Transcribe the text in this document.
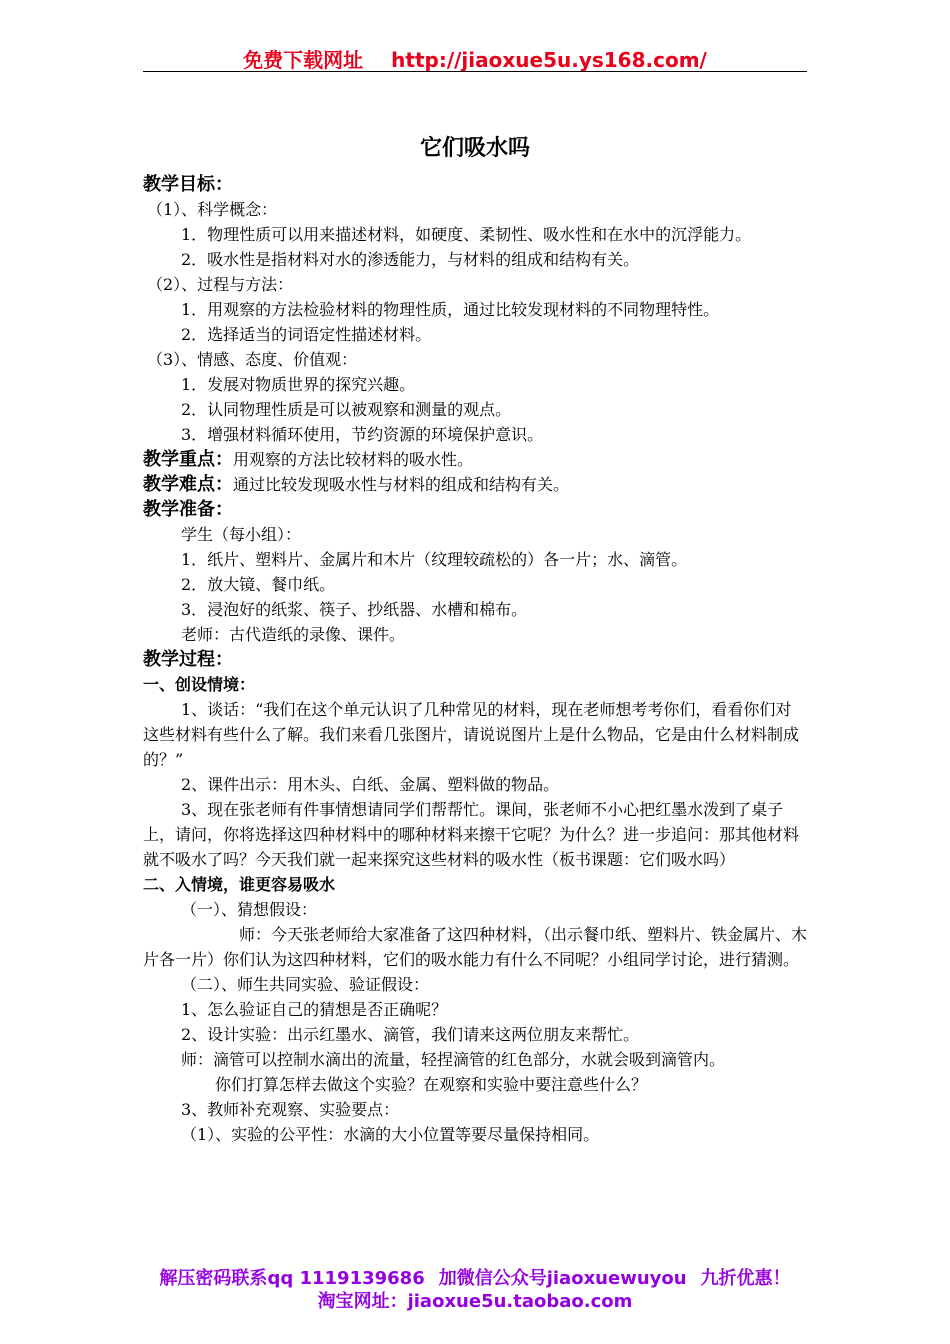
免费下载网址 http://jiaoxue5u.ys168.com/
它们吸水吗
教学目标：

（1）、科学概念：

1．物理性质可以用来描述材料，如硬度、柔韧性、吸水性和在水中的沉浮能力。

2．吸水性是指材料对水的渗透能力，与材料的组成和结构有关。

（2）、过程与方法：

1．用观察的方法检验材料的物理性质，通过比较发现材料的不同物理特性。

2．选择适当的词语定性描述材料。

（3）、情感、态度、价值观：

1．发展对物质世界的探究兴趣。

2．认同物理性质是可以被观察和测量的观点。

3．增强材料循环使用，节约资源的环境保护意识。

教学重点：用观察的方法比较材料的吸水性。

教学难点：通过比较发现吸水性与材料的组成和结构有关。

教学准备：

学生（每小组）：

1．纸片、塑料片、金属片和木片（纹理较疏松的）各一片；水、滴管。

2．放大镜、餐巾纸。

3．浸泡好的纸浆、筷子、抄纸器、水槽和棉布。

老师：古代造纸的录像、课件。

教学过程：
一、创设情境：

1、谈话：“我们在这个单元认识了几种常见的材料，现在老师想考考你们，看看你们对这些材料有些什么了解。我们来看几张图片，请说说图片上是什么物品，它是由什么材料制成的？”

2、课件出示：用木头、白纸、金属、塑料做的物品。

3、现在张老师有件事情想请同学们帮帮忙。课间，张老师不小心把红墨水泼到了桌子上，请问，你将选择这四种材料中的哪种材料来擦干它呢？为什么？进一步追问：那其他材料就不吸水了吗？今天我们就一起来探究这些材料的吸水性（板书课题：它们吸水吗）

二、入情境，谁更容易吸水

（一）、猜想假设：

师：今天张老师给大家准备了这四种材料，（出示餐巾纸、塑料片、铁金属片、木片各一片）你们认为这四种材料，它们的吸水能力有什么不同呢？小组同学讨论，进行猜测。

（二）、师生共同实验、验证假设：

1、怎么验证自己的猜想是否正确呢？

2、设计实验：出示红墨水、滴管，我们请来这两位朋友来帮忙。

师：滴管可以控制水滴出的流量，轻捏滴管的红色部分，水就会吸到滴管内。

你们打算怎样去做这个实验？在观察和实验中要注意些什么？

3、教师补充观察、实验要点：

（1）、实验的公平性：水滴的大小位置等要尽量保持相同。

解压密码联系qq 1119139686 加微信公众号jiaoxuewuyou 九折优惠！
淘宝网址：jiaoxue5u.taobao.com
